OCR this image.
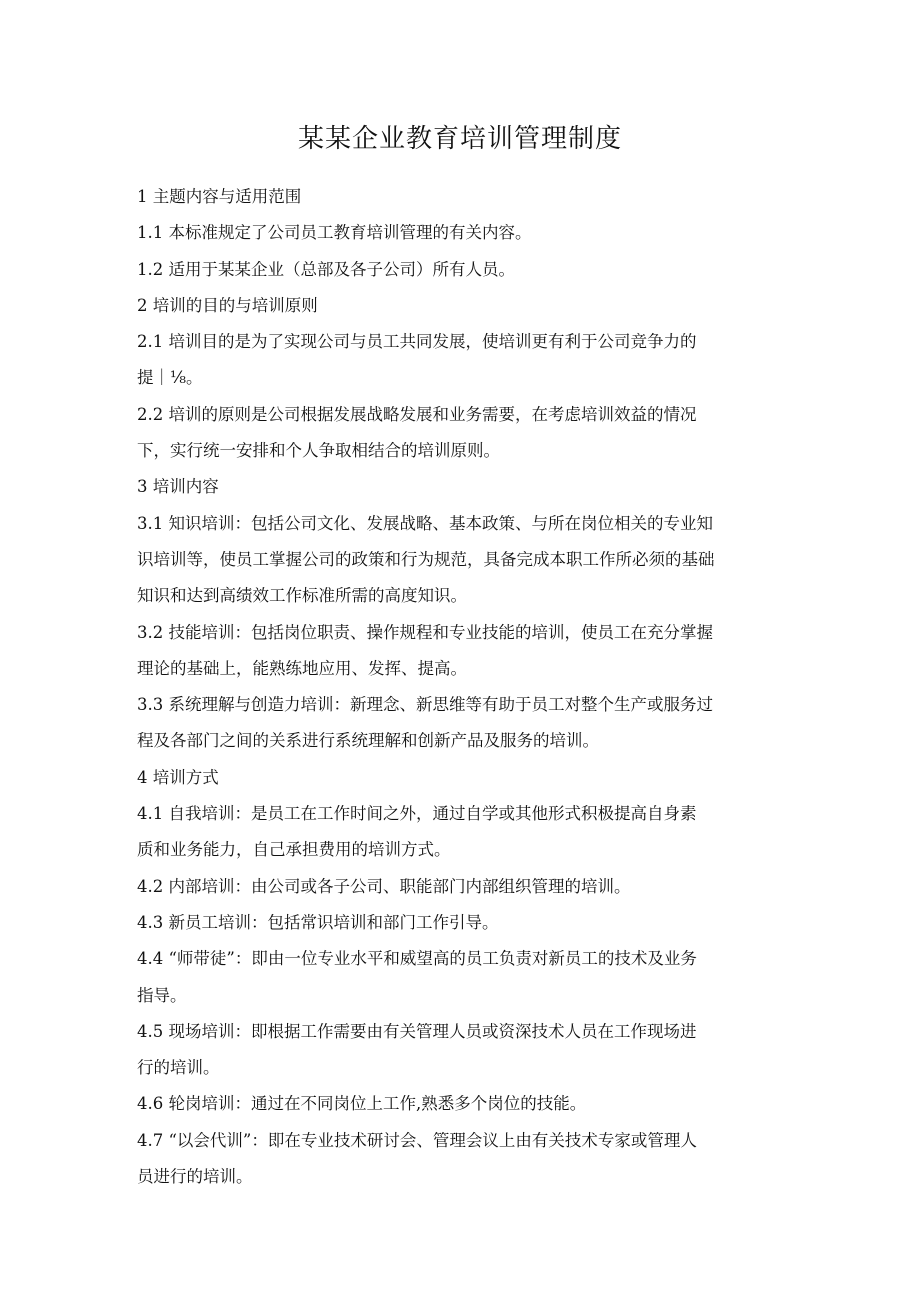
某某企业教育培训管理制度
1 主题内容与适用范围
1.1 本标准规定了公司员工教育培训管理的有关内容。
1.2 适用于某某企业（总部及各子公司）所有人员。
2 培训的目的与培训原则
2.1 培训目的是为了实现公司与员工共同发展，使培训更有利于公司竞争力的
提｜⅛。
2.2 培训的原则是公司根据发展战略发展和业务需要，在考虑培训效益的情况
下，实行统一安排和个人争取相结合的培训原则。
3 培训内容
3.1 知识培训：包括公司文化、发展战略、基本政策、与所在岗位相关的专业知
识培训等，使员工掌握公司的政策和行为规范，具备完成本职工作所必须的基础
知识和达到高绩效工作标准所需的高度知识。
3.2 技能培训：包括岗位职责、操作规程和专业技能的培训，使员工在充分掌握
理论的基础上，能熟练地应用、发挥、提高。
3.3 系统理解与创造力培训：新理念、新思维等有助于员工对整个生产或服务过
程及各部门之间的关系进行系统理解和创新产品及服务的培训。
4 培训方式
4.1 自我培训：是员工在工作时间之外，通过自学或其他形式积极提高自身素
质和业务能力，自己承担费用的培训方式。
4.2 内部培训：由公司或各子公司、职能部门内部组织管理的培训。
4.3 新员工培训：包括常识培训和部门工作引导。
4.4 “师带徒”：即由一位专业水平和威望高的员工负责对新员工的技术及业务
指导。
4.5 现场培训：即根据工作需要由有关管理人员或资深技术人员在工作现场进
行的培训。
4.6 轮岗培训：通过在不同岗位上工作,熟悉多个岗位的技能。
4.7 “以会代训”：即在专业技术研讨会、管理会议上由有关技术专家或管理人
员进行的培训。
